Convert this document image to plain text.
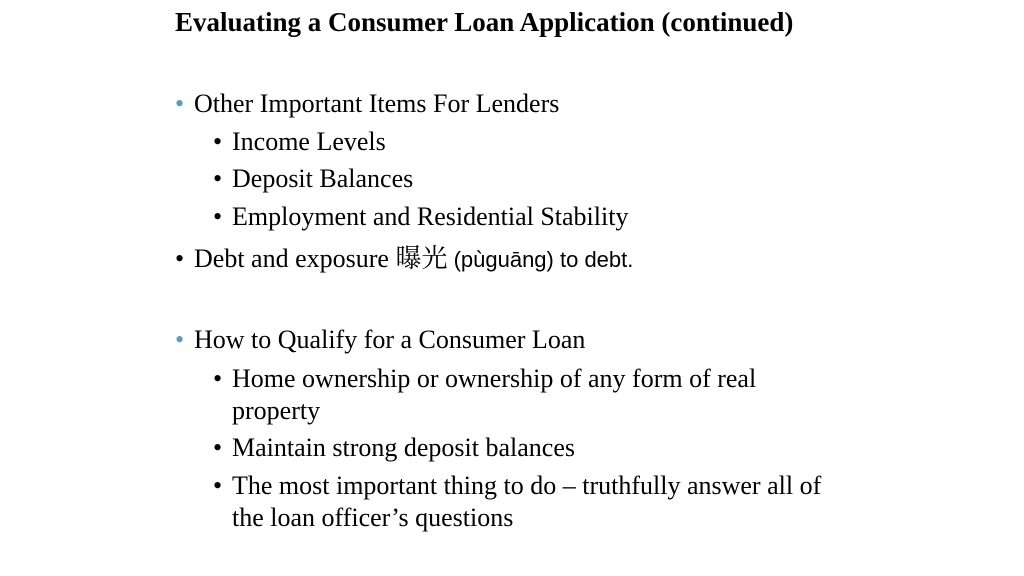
Evaluating a Consumer Loan Application (continued)
• Other Important Items For Lenders
• Income Levels
• Deposit Balances
• Employment and Residential Stability
• Debt and exposure 曝光 (pùguāng) to debt.
• How to Qualify for a Consumer Loan
• Home ownership or ownership of any form of real property
• Maintain strong deposit balances
• The most important thing to do – truthfully answer all of the loan officer’s questions
